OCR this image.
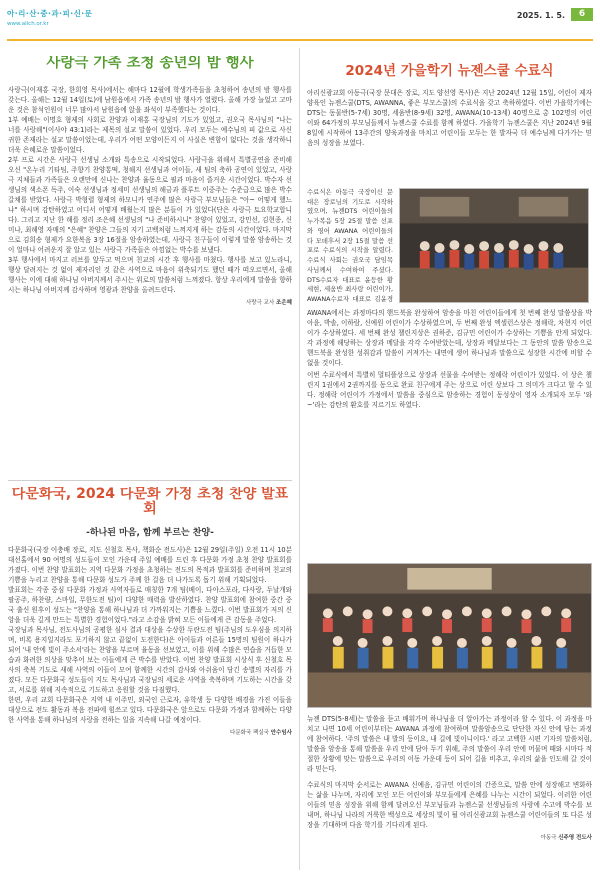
아·리·산·중·과·피·신·문
www.alich.or.kr
2025. 1. 5.	6
사랑극 가족 초청 송년의 밤 행사

사랑극(이재홍 국장, 한희영 목사)에서는 해마다 12월에 학생가족들을 초청하여 송년의 밤 행사를 갖는다. 올해는 12월 14일(토)에 남원읍에서 가족 송년의 밤 행사가 열렸다. 올해 가장 늘었고 고마운 것은 참석인원이 너무 많아서 남원읍에 앉을 좌석이 부족했다는 것이다.

1부 예배는 이명호 형제의 사회로 찬양과 이재홍 국장님의 기도가 있었고, 권오국 목사님의 "나는 너를 사랑해"(이사야 43:1)라는 제목의 설교 말씀이 있었다. 우리 모두는 예수님의 피 값으로 사신 귀한 존재라는 설교 말씀이었는데, 우리가 어떤 모양이든지 이 사실은 변함이 없다는 것을 생각하니 더욱 은혜로운 말씀이었다.

2부 프로 시간은 사랑극 선생님 소개와 특송으로 시작되었다. 사랑극을 위해서 특별공연을 준비해 오신 "온누리 기타팀, 주향기 찬양통떡, 청해지 선생님과 어이들, 새 팀의 축하 공연이 있었고, 사랑극 지체들과 가족들은 오랜만에 신나는 찬양과 율동으로 필과 마음이 즐거운 시간이었다. 박수자 선생님의 색소폰 독주, 이숙 선생님과 정세미 선생님의 해금과 플루트 이중주는 수준급으로 많은 박수갈채를 받았다. 사랑극 박형렬 형제의 하모니카 연주에 많은 사랑극 부모님들은 "아~ 어떻게 했느냐" 하시며 감탄하였고 어디서 어떻게 배웠는지 많은 분들이 가 있었다(단은 사랑극 토요학교합니다). 그리고 지난 한 해를 정리 조은혜 선생님의 "나 준비하시니" 찬양이 있었고, 강민선, 김현종, 신미나, 최해영 자매의 "은혜" 찬양은 그들의 지기 고백처럼 느껴지게 하는 감동의 시간이었다. 마지막으로 김희송 형제가 요한복음 3장 16절을 암송하였는데, 사랑극 친구들이 이렇게 말씀 암송하는 것이 얼마나 어려운지 잘 알고 있는 사랑극 가족들은 아낌없는 박수를 보냈다.

3부 행사에서 마지고 러브를 앞두고 먹으며 친교의 시간 후 행사를 마쳤다. 행사를 보고 있노라니, 행상 달려지는 것 없이 제자리인 것 같은 사역으로 마음이 위축되기도 했던 때가 떠오르면서, 올해 행사는 이에 대해 하나님 아버지께서 주시는 위로의 말씀처럼 느껴졌다. 항상 우리에게 말씀을 향하시는 하나님 아버지께 감사하며 영광과 찬양을 올려드린다.

사랑극 교사 조은혜
다문화국, 2024 다문화 가정 초청 찬양 발표회
-하나된 마음, 함께 부르는 찬양-

다문화국(국장 이충배 장로, 지도 신철호 목사, 책화순 전도사)은 12월 29일(주일) 오전 11시 10분 대선홀에서 90 여명의 성도들이 모인 가운데 주일 예배를 드린 후 다문화 가정 초청 찬양 발표회를 가졌다. 이번 찬양 발표회는 지역 다문화 가정을 초청하는 전도의 목적과 발표회를 준비하며 친교의 기쁨을 누리고 찬양을 통해 다문화 성도가 주께 한 걸음 더 나가도록 돕기 위해 기획되었다.

발표회는 각종 중심 다문화 가정과 사역자들로 매칭한 7개 팀(베이, 다아스포라, 다사랑, 두날개와 팔공주, 하찬량, 스마일, 무한도전 팀)이 다양한 매력을 발산하였다. 찬양 발표회에 참여한 중간 중국 출신 원후이 성도는 "찬양을 통해 하나님과 더 가까워지는 기쁨을 느꼈다. 이번 발표회가 저의 신앙을 더욱 깊게 만드는 특별한 경험이었다."라고 소감을 밝혀 모든 이들에게 큰 감동을 주었다.

국장님과 목사님, 전도사님의 공평한 심사 결과 대상을 수상한 두란도전 팀(주님의 도우심을 의지하며, 비록 용지일지라도 포기하지 않고 끝없이 도전한다)은 아이들과 어른들 15명의 팀원이 하나가 되어 '내 안에 빛이 주소서'라는 찬양을 부르며 율동을 선보였고, 이를 위해 수많은 연습을 거듭한 모습과 화려한 의상을 맞추어 보는 이들에게 큰 박수를 받았다. 이번 찬양 발표회 시상식 후 신철호 목사의 축복 기도로 새해 사역의 이들이 모여 함께한 시간의 감사와 아쉬움이 담긴 송별의 자리를 가졌다. 모든 다문화국 성도들이 지도 목사님과 국장님의 세로운 사역을 축복하며 기도하는 시간을 갖고, 서로를 위해 지속적으로 기도하고 응원할 것을 다짐했다.

한편, 우리 교회 다문화국은 지역 내 이주민, 외국인 근로자, 유학생 등 다양한 배경을 가진 이들을 대상으로 전도 활동과 복음 전파에 힘쓰고 있다. 다문화국은 앞으로도 다문화 가정과 함께하는 다양한 사역을 통해 하나님의 사랑을 전하는 일을 지속해 나갈 예정이다.

다문화국 팩실국 안수임사
2024년 가을학기 뉴젠스쿨 수료식

아리신광교회 아동극(국장 문대은 장로, 지도 양선영 목사)은 지난 2024년 12월 15일, 어린이 제자양육인 뉴젠스쿨(DTS, AWANNA, 좋은 부모스쿨)의 수료식을 갖고 축하하였다. 이번 가을학기에는 DTS는 동물반(5-7세) 30명, 세움반(8-9세) 32명, AWANA(10-13세) 40명으로 총 102명의 어린이와 64가정의 부모님들께서 뉴젠스쿨 수료를 함께 하였다. 가을학기 뉴젠스쿨은 지난 2024년 9월 8일에 시작하여 13주간의 양육과정을 마치고 어린이들 모두는 한 발자국 더 예수님께 다가가는 믿음의 성장을 보였다.

수료식은 아동극 국장이신 문대은 장로님의 기도로 시작하였으며, 뉴젠DTS 어린이들의 누가복음 5장 25절 말씀 선포와 영어 AWANA 어린이들의 다 모데후서 2장 15절 말씀 선포로 수료식의 시작을 알렸다. 수료식 사회는 권오국 담임목사님께서 수여하여 주셨다. DTS수료자 대표로 윤등한 황세현, 세움반 최사랑 어린이가, AWANA수료자 대표로 김윤경

AWANA에서는 과정마다의 핸드북을 완성하여 암송을 마친 어린이들에게 첫 번째 완성 말씀상을 박아윤, 박솔, 이하람, 신예원 어린이가 수상하였으며, 두 번째 완성 엑셀런스상은 정해락, 차현지 어린이가 수상하였다. 세 번째 완성 챌린지상은 권하준, 김규민 어린이가 수상하는 기쁨을 안게 되었다. 각 과정에 해당하는 상장과 메달을 각각 수여받았는데, 상장과 메달보다는 그 동안의 말씀 암송으로 핸드북을 완성한 성취감과 말씀이 커져가는 내면에 생어 하나님과 말씀으로 성장한 시간에 비할 수 없을 것이다.

이번 수료식에서 특별히 멀티플상으로 상장과 선물을 수여받는 정해락 어린이가 있었다. 이 상은 챌린지 1권에서 2권까지를 동으로 완료 친구에게 주는 상으로 어린 상보다 그 의미가 크다고 할 수 있다. 정해락 어린이가 가정에서 말씀을 중심으로 암송하는 경험이 동성상이 영자 소개되자 모두 '와~'라는 감탄의 환호를 지르기도 하였다.

뉴젠 DTS(5-8세)는 말씀을 듣고 배워가며 하나님을 더 알아가는 과정이라 할 수 있다. 이 과정을 마치고 나면 10세 어린이부터는 AWANA 과정에 참여하며 말씀암송으로 단단한 자신 안에 담는 과정에 참여하다. '주의 말씀은 내 발의 등이요, 내 길에 빛이니이다.' 라고 고백한 시편 기자의 말씀처럼, 말씀을 암송을 통해 말씀을 우리 안에 담아 두기 위해, 주의 말씀이 우리 안에 머물며 때와 시마다 적절한 상황에 맞는 말씀으로 우리의 이동 가운데 등이 되어 길을 비추고, 우리의 삶을 인도해 갈 것이라 믿는다.

수료식의 마지막 순서로는 AWANA 신예음, 김규민 어린이의 간증으로, 말씀 안에 성장해고 변화하는 삶을 나누며, 자리에 모인 모든 어린이와 부모들에게 은혜를 나누는 시간이 되었다. 이러한 어린이들의 믿음 성장을 위해 함께 달려오신 부모님들과 뉴젠스쿨 선생님들의 사랑에 수고에 박수를 보내며, 하나님 나라의 거룩한 백성으로 세상의 빛이 될 아리신광교회 뉴젠스쿨 어린이들의 또 다른 성장을 기대하며 다음 학기를 기다리게 된다.

아동극 신주영 전도사
